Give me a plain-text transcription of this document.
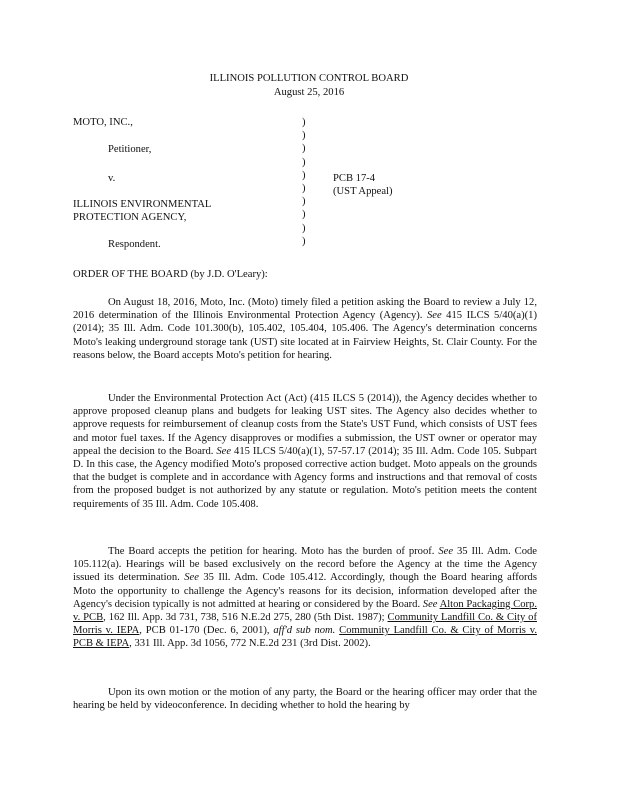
ILLINOIS POLLUTION CONTROL BOARD
August 25, 2016
MOTO, INC.,
Petitioner,
v.
ILLINOIS ENVIRONMENTAL
PROTECTION AGENCY,
Respondent.
PCB 17-4
(UST Appeal)
)
)
)
)
)
)
)
)
)
)
ORDER OF THE BOARD (by J.D. O'Leary):

On August 18, 2016, Moto, Inc. (Moto) timely filed a petition asking the Board to review a July 12, 2016 determination of the Illinois Environmental Protection Agency (Agency). See 415 ILCS 5/40(a)(1) (2014); 35 Ill. Adm. Code 101.300(b), 105.402, 105.404, 105.406. The Agency's determination concerns Moto's leaking underground storage tank (UST) site located at in Fairview Heights, St. Clair County. For the reasons below, the Board accepts Moto's petition for hearing.

Under the Environmental Protection Act (Act) (415 ILCS 5 (2014)), the Agency decides whether to approve proposed cleanup plans and budgets for leaking UST sites. The Agency also decides whether to approve requests for reimbursement of cleanup costs from the State's UST Fund, which consists of UST fees and motor fuel taxes. If the Agency disapproves or modifies a submission, the UST owner or operator may appeal the decision to the Board. See 415 ILCS 5/40(a)(1), 57-57.17 (2014); 35 Ill. Adm. Code 105. Subpart D. In this case, the Agency modified Moto's proposed corrective action budget. Moto appeals on the grounds that the budget is complete and in accordance with Agency forms and instructions and that removal of costs from the proposed budget is not authorized by any statute or regulation. Moto's petition meets the content requirements of 35 Ill. Adm. Code 105.408.

The Board accepts the petition for hearing. Moto has the burden of proof. See 35 Ill. Adm. Code 105.112(a). Hearings will be based exclusively on the record before the Agency at the time the Agency issued its determination. See 35 Ill. Adm. Code 105.412. Accordingly, though the Board hearing affords Moto the opportunity to challenge the Agency's reasons for its decision, information developed after the Agency's decision typically is not admitted at hearing or considered by the Board. See Alton Packaging Corp. v. PCB, 162 Ill. App. 3d 731, 738, 516 N.E.2d 275, 280 (5th Dist. 1987); Community Landfill Co. & City of Morris v. IEPA, PCB 01-170 (Dec. 6, 2001), aff'd sub nom. Community Landfill Co. & City of Morris v. PCB & IEPA, 331 Ill. App. 3d 1056, 772 N.E.2d 231 (3rd Dist. 2002).

Upon its own motion or the motion of any party, the Board or the hearing officer may order that the hearing be held by videoconference. In deciding whether to hold the hearing by
